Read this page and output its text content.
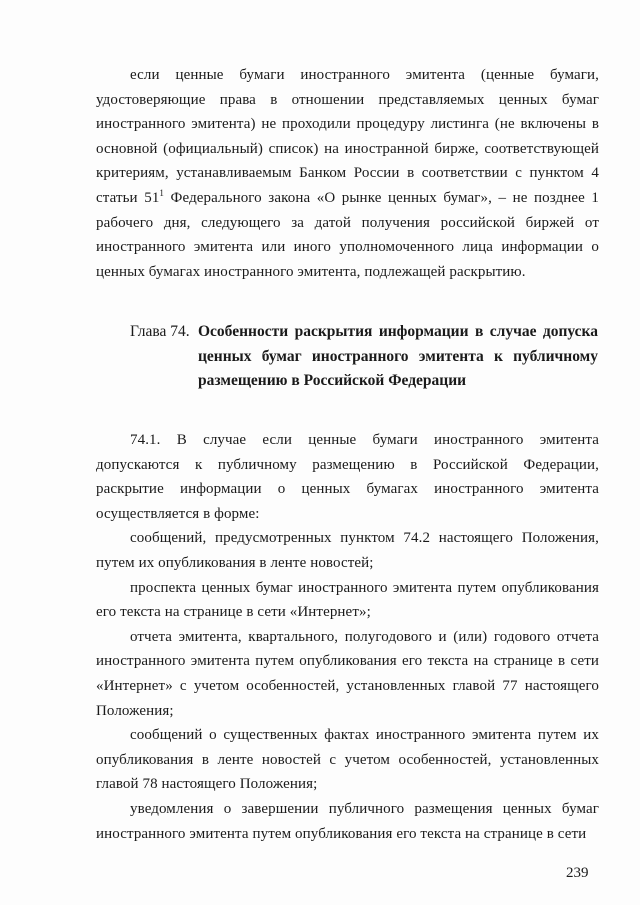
если ценные бумаги иностранного эмитента (ценные бумаги, удостоверяющие права в отношении представляемых ценных бумаг иностранного эмитента) не проходили процедуру листинга (не включены в основной (официальный) список) на иностранной бирже, соответствующей критериям, устанавливаемым Банком России в соответствии с пунктом 4 статьи $51^1$ Федерального закона «О рынке ценных бумаг», – не позднее 1 рабочего дня, следующего за датой получения российской биржей от иностранного эмитента или иного уполномоченного лица информации о ценных бумагах иностранного эмитента, подлежащей раскрытию.

Глава 74. Особенности раскрытия информации в случае допуска ценных бумаг иностранного эмитента к публичному размещению в Российской Федерации

74.1. В случае если ценные бумаги иностранного эмитента допускаются к публичному размещению в Российской Федерации, раскрытие информации о ценных бумагах иностранного эмитента осуществляется в форме:

сообщений, предусмотренных пунктом 74.2 настоящего Положения, путем их опубликования в ленте новостей;

проспекта ценных бумаг иностранного эмитента путем опубликования его текста на странице в сети «Интернет»;

отчета эмитента, квартального, полугодового и (или) годового отчета иностранного эмитента путем опубликования его текста на странице в сети «Интернет» с учетом особенностей, установленных главой 77 настоящего Положения;

сообщений о существенных фактах иностранного эмитента путем их опубликования в ленте новостей с учетом особенностей, установленных главой 78 настоящего Положения;

уведомления о завершении публичного размещения ценных бумаг иностранного эмитента путем опубликования его текста на странице в сети

239
